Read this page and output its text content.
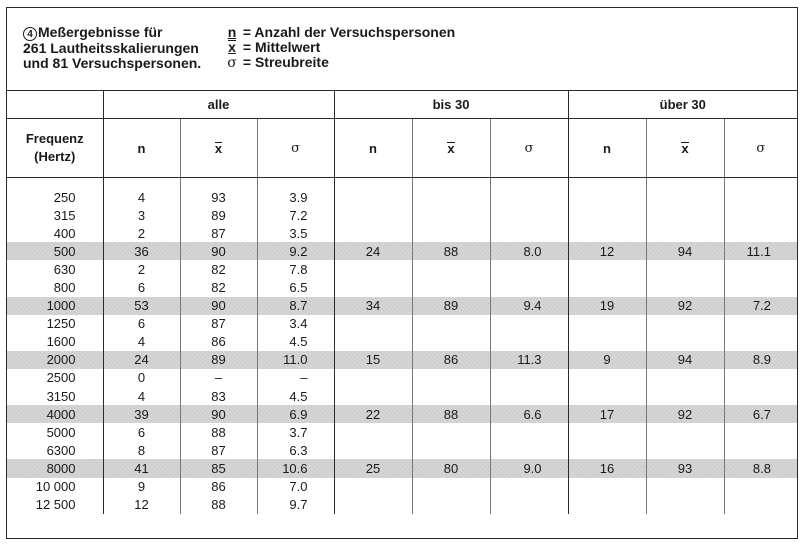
4 Meßergebnisse für
261 Lautheitsskalierungen
und 81 Versuchspersonen.
n = Anzahl der Versuchspersonen
x = Mittelwert
σ = Streubreite
	alle			bis 30			über 30		

Frequenz
(Hertz)	n	x	σ	n	x	σ	n	x	σ
250	4	93	3.9						
315	3	89	7.2						
400	2	87	3.5						
500	36	90	9.2	24	88	8.0	12	94	11.1
630	2	82	7.8						
800	6	82	6.5						
1000	53	90	8.7	34	89	9.4	19	92	7.2
1250	6	87	3.4						
1600	4	86	4.5						
2000	24	89	11.0	15	86	11.3	9	94	8.9
2500	0	–	–						
3150	4	83	4.5						
4000	39	90	6.9	22	88	6.6	17	92	6.7
5000	6	88	3.7						
6300	8	87	6.3						
8000	41	85	10.6	25	80	9.0	16	93	8.8
10 000	9	86	7.0						
12 500	12	88	9.7						
